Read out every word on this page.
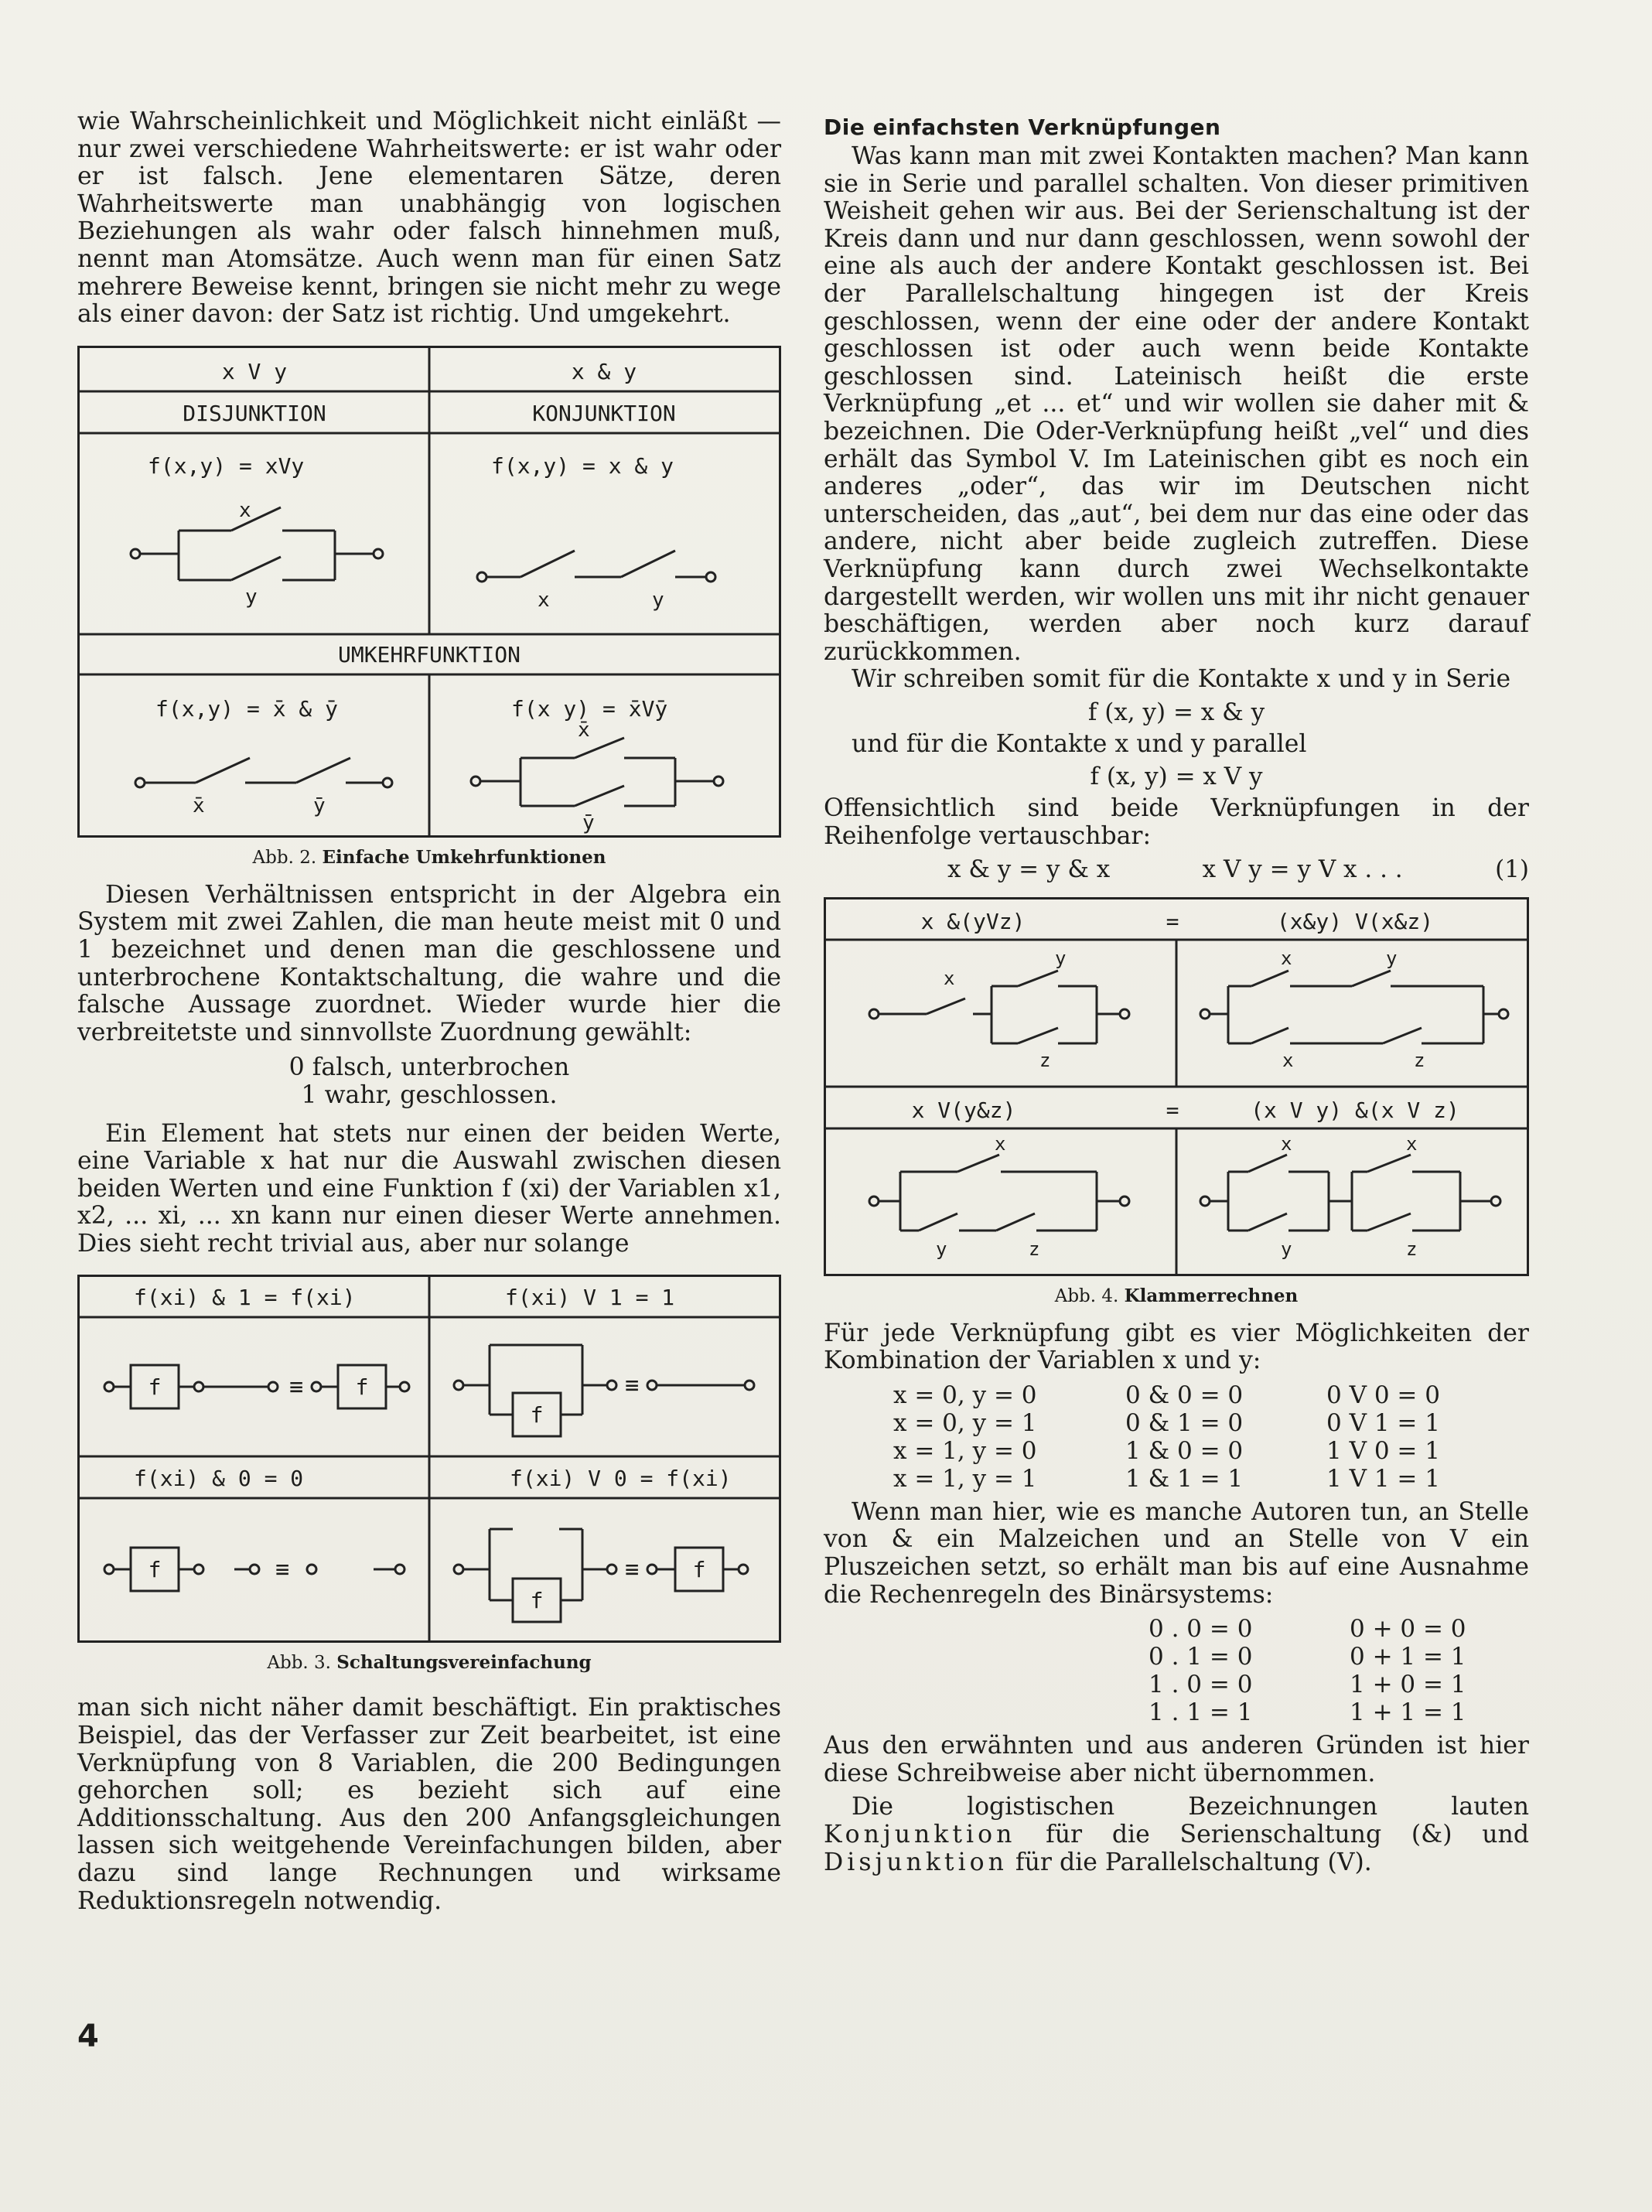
wie Wahrscheinlichkeit und Möglichkeit nicht einläßt — nur zwei verschiedene Wahrheitswerte: er ist wahr oder er ist falsch. Jene elementaren Sätze, deren Wahrheitswerte man unabhängig von logischen Beziehungen als wahr oder falsch hinnehmen muß, nennt man Atomsätze. Auch wenn man für einen Satz mehrere Beweise kennt, bringen sie nicht mehr zu wege als einer davon: der Satz ist richtig. Und umgekehrt.

x V y	x & y
DISJUNKTION	KONJUNKTION
f(x,y) = xVy	f(x,y) = x & y
x
y	x	y
UMKEHRFUNKTION
f(x,y) = x̄ & ȳ	f(x y) = x̄Vȳ
x̄	ȳ
x̄
ȳ
Abb. 2. Einfache Umkehrfunktionen

Diesen Verhältnissen entspricht in der Algebra ein System mit zwei Zahlen, die man heute meist mit 0 und 1 bezeichnet und denen man die geschlossene und unterbrochene Kontaktschaltung, die wahre und die falsche Aussage zuordnet. Wieder wurde hier die verbreitetste und sinnvollste Zuordnung gewählt:

0 falsch, unterbrochen

1 wahr, geschlossen.

Ein Element hat stets nur einen der beiden Werte, eine Variable x hat nur die Auswahl zwischen diesen beiden Werten und eine Funktion f (xi) der Variablen x1, x2, ... xi, ... xn kann nur einen dieser Werte annehmen. Dies sieht recht trivial aus, aber nur solange

f(xi) & 1 = f(xi)	f(xi) V 1 = 1
f(xi) & 0 = 0	f(xi) V 0 = f(xi)
f	f
f
f
f
f
≡	≡
≡	≡
Abb. 3. Schaltungsvereinfachung

man sich nicht näher damit beschäftigt. Ein praktisches Beispiel, das der Verfasser zur Zeit bearbeitet, ist eine Verknüpfung von 8 Variablen, die 200 Bedingungen gehorchen soll; es bezieht sich auf eine Additionsschaltung. Aus den 200 Anfangsgleichungen lassen sich weitgehende Vereinfachungen bilden, aber dazu sind lange Rechnungen und wirksame Reduktionsregeln notwendig.

Die einfachsten Verknüpfungen

Was kann man mit zwei Kontakten machen? Man kann sie in Serie und parallel schalten. Von dieser primitiven Weisheit gehen wir aus. Bei der Serienschaltung ist der Kreis dann und nur dann geschlossen, wenn sowohl der eine als auch der andere Kontakt geschlossen ist. Bei der Parallelschaltung hingegen ist der Kreis geschlossen, wenn der eine oder der andere Kontakt geschlossen ist oder auch wenn beide Kontakte geschlossen sind. Lateinisch heißt die erste Verknüpfung „et ... et“ und wir wollen sie daher mit & bezeichnen. Die Oder-Verknüpfung heißt „vel“ und dies erhält das Symbol V. Im Lateinischen gibt es noch ein anderes „oder“, das wir im Deutschen nicht unterscheiden, das „aut“, bei dem nur das eine oder das andere, nicht aber beide zugleich zutreffen. Diese Verknüpfung kann durch zwei Wechselkontakte dargestellt werden, wir wollen uns mit ihr nicht genauer beschäftigen, werden aber noch kurz darauf zurückkommen.

Wir schreiben somit für die Kontakte x und y in Serie

f (x, y) = x & y

und für die Kontakte x und y parallel

f (x, y) = x V y

Offensichtlich sind beide Verknüpfungen in der Reihenfolge vertauschbar:

x & y = y & x	x V y = y V x . . .	(1)
x &(yVz)	=	(x&y) V(x&z)
x V(y&z)	=	(x V y) &(x V z)
x
y
z
x	y
x	z
x
y	z
x	x
y	z
Abb. 4. Klammerrechnen

Für jede Verknüpfung gibt es vier Möglichkeiten der Kombination der Variablen x und y:

x = 0, y = 0	0 & 0 = 0	0 V 0 = 0
x = 0, y = 1	0 & 1 = 0	0 V 1 = 1
x = 1, y = 0	1 & 0 = 0	1 V 0 = 1
x = 1, y = 1	1 & 1 = 1	1 V 1 = 1

Wenn man hier, wie es manche Autoren tun, an Stelle von & ein Malzeichen und an Stelle von V ein Pluszeichen setzt, so erhält man bis auf eine Ausnahme die Rechenregeln des Binärsystems:

0 . 0 = 0	0 + 0 = 0
0 . 1 = 0	0 + 1 = 1
1 . 0 = 0	1 + 0 = 1
1 . 1 = 1	1 + 1 = 1

Aus den erwähnten und aus anderen Gründen ist hier diese Schreibweise aber nicht übernommen.

Die logistischen Bezeichnungen lauten Konjunktion für die Serienschaltung (&) und Disjunktion für die Parallelschaltung (V).

4
